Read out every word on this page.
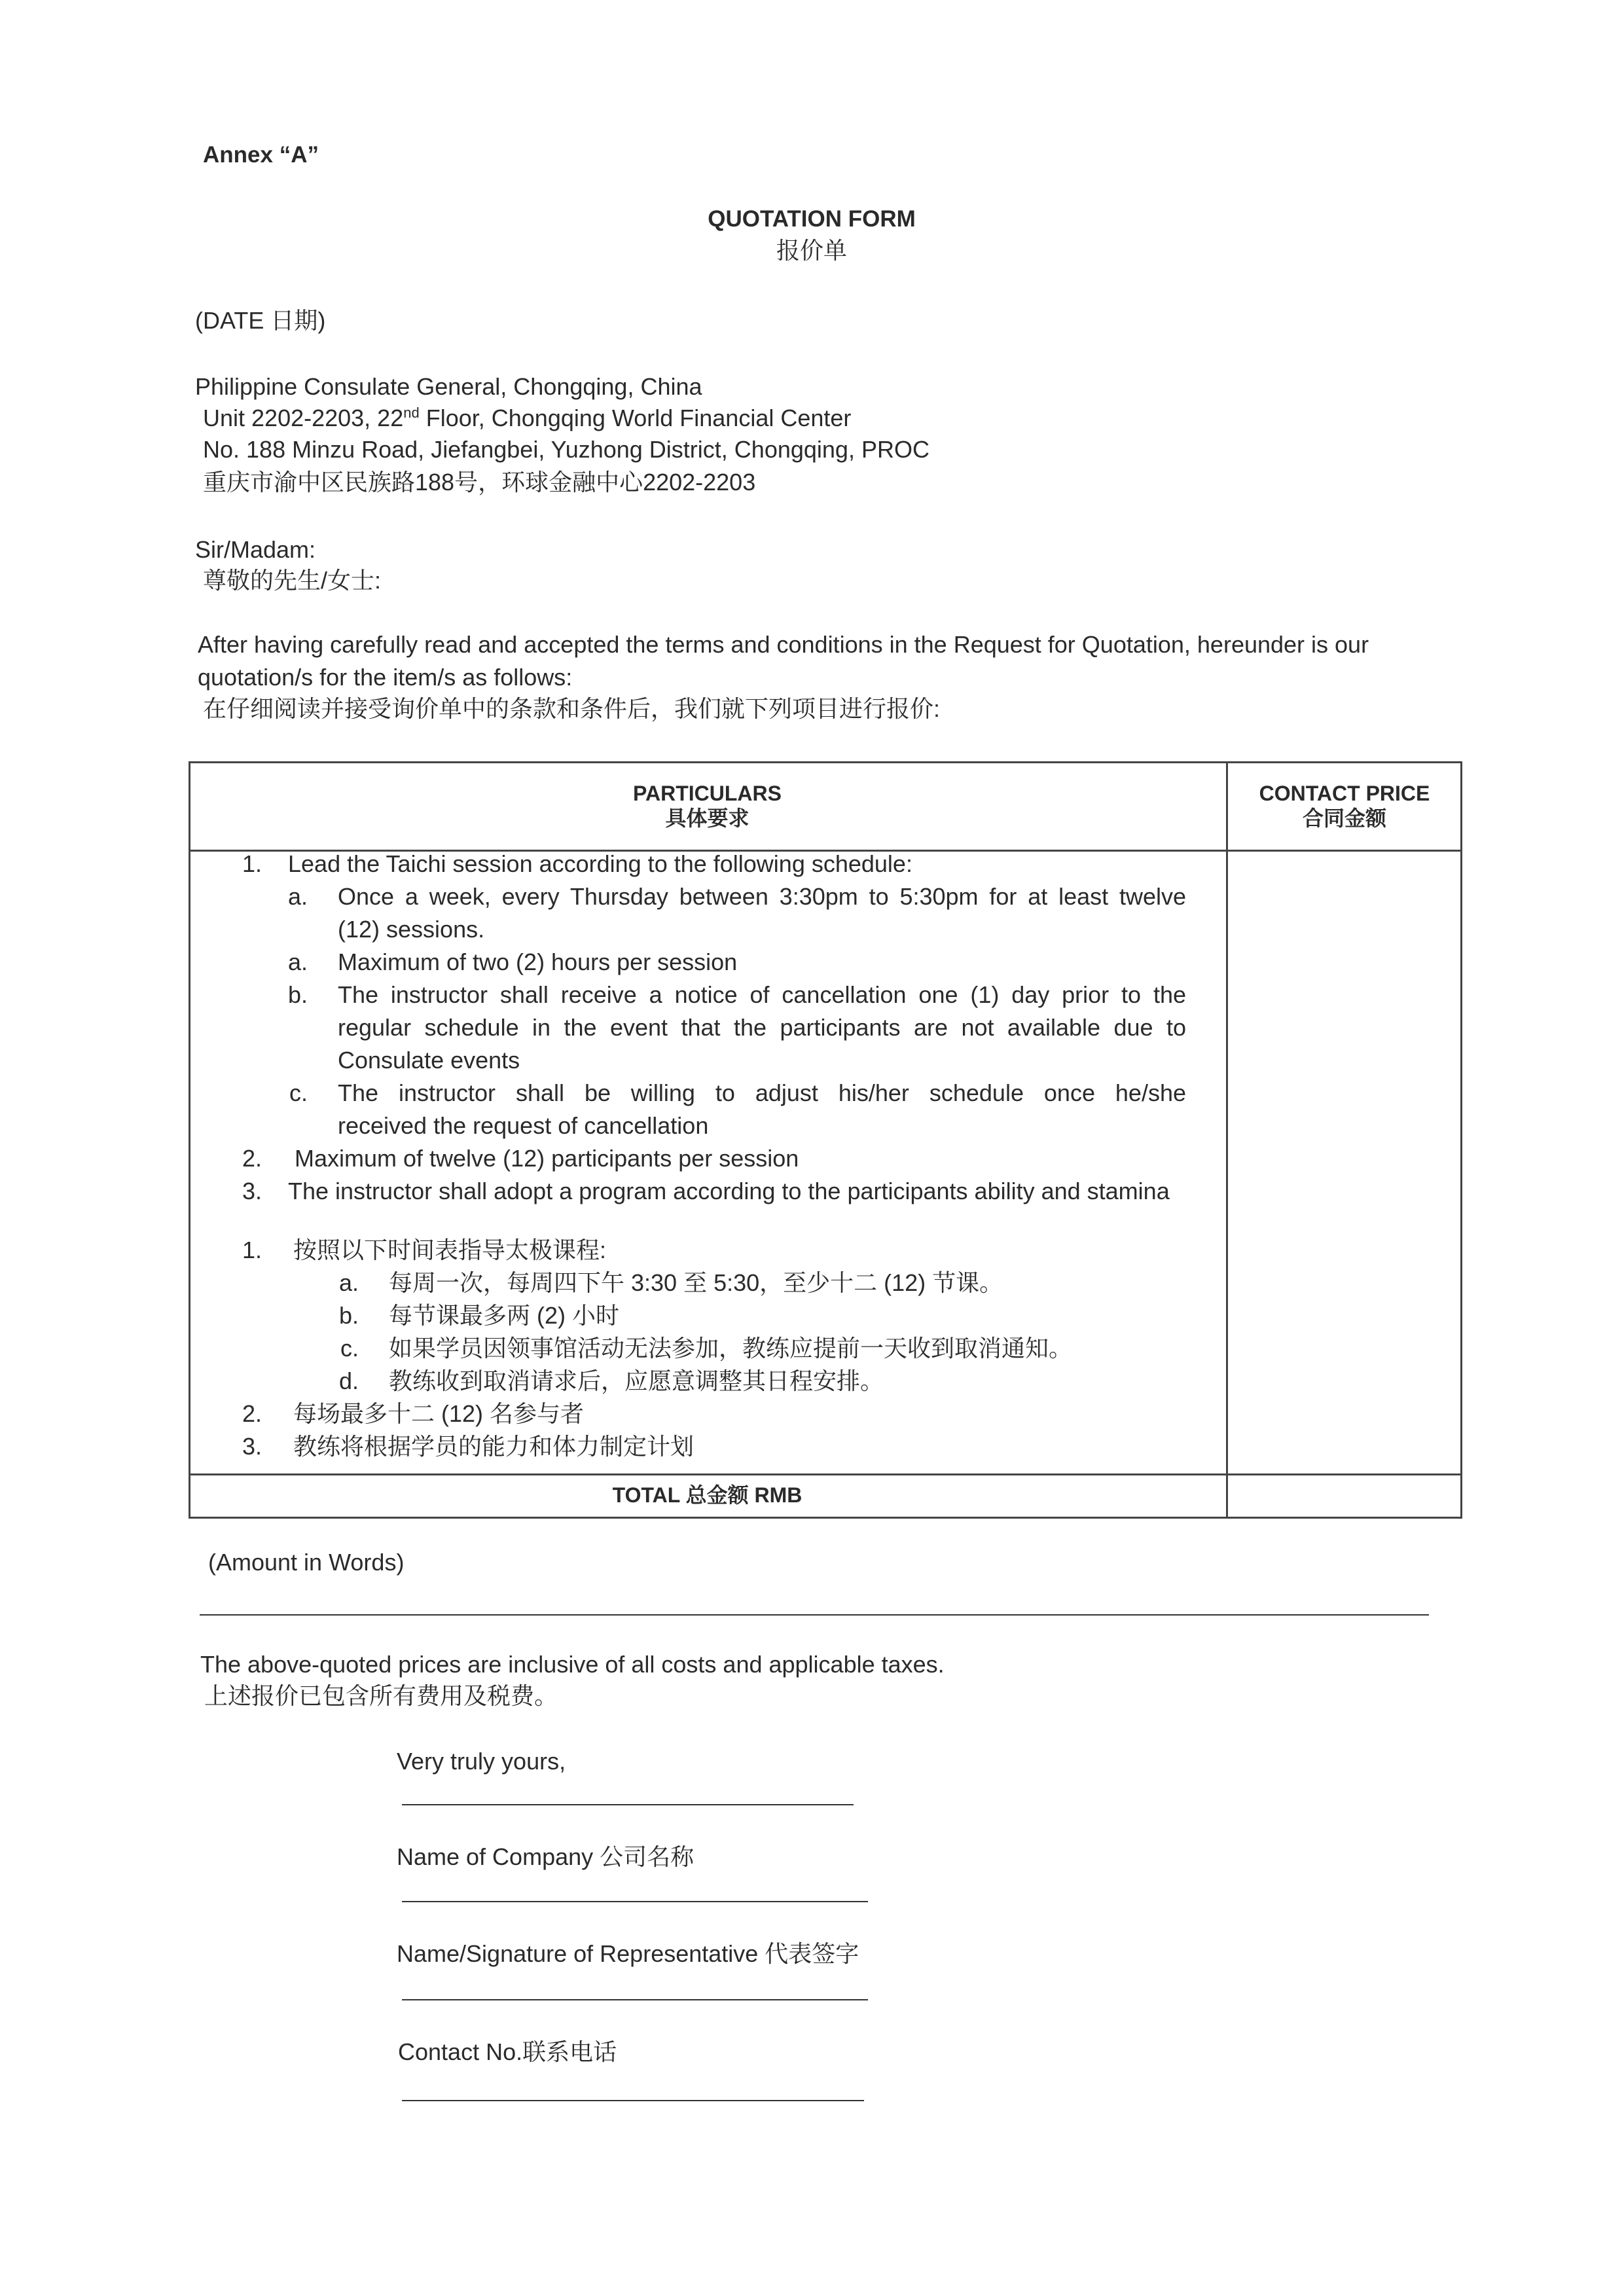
Annex “A”
QUOTATION FORM
报价单
(DATE 日期)
Philippine Consulate General, Chongqing, China
Unit 2202-2203, 22nd Floor, Chongqing World Financial Center
No. 188 Minzu Road, Jiefangbei, Yuzhong District, Chongqing, PROC
重庆市渝中区民族路188号，环球金融中心2202-2203
Sir/Madam:
尊敬的先生/女士:
After having carefully read and accepted the terms and conditions in the Request for Quotation, hereunder is our
quotation/s for the item/s as follows:
在仔细阅读并接受询价单中的条款和条件后，我们就下列项目进行报价:
PARTICULARS
具体要求
CONTACT PRICE
合同金额
1. Lead the Taichi session according to the following schedule:
a. Once a week, every Thursday between 3:30pm to 5:30pm for at least twelve
(12) sessions.
a. Maximum of two (2) hours per session
b. The instructor shall receive a notice of cancellation one (1) day prior to the
regular schedule in the event that the participants are not available due to
Consulate events
c. The instructor shall be willing to adjust his/her schedule once he/she
received the request of cancellation
2. Maximum of twelve (12) participants per session
3. The instructor shall adopt a program according to the participants ability and stamina
1. 按照以下时间表指导太极课程:
a. 每周一次，每周四下午 3:30 至 5:30，至少十二 (12) 节课。
b. 每节课最多两 (2) 小时
c. 如果学员因领事馆活动无法参加，教练应提前一天收到取消通知。
d. 教练收到取消请求后，应愿意调整其日程安排。
2. 每场最多十二 (12) 名参与者
3. 教练将根据学员的能力和体力制定计划
TOTAL 总金额 RMB
(Amount in Words)
The above-quoted prices are inclusive of all costs and applicable taxes.
上述报价已包含所有费用及税费。
Very truly yours,
Name of Company 公司名称
Name/Signature of Representative 代表签字
Contact No.联系电话
